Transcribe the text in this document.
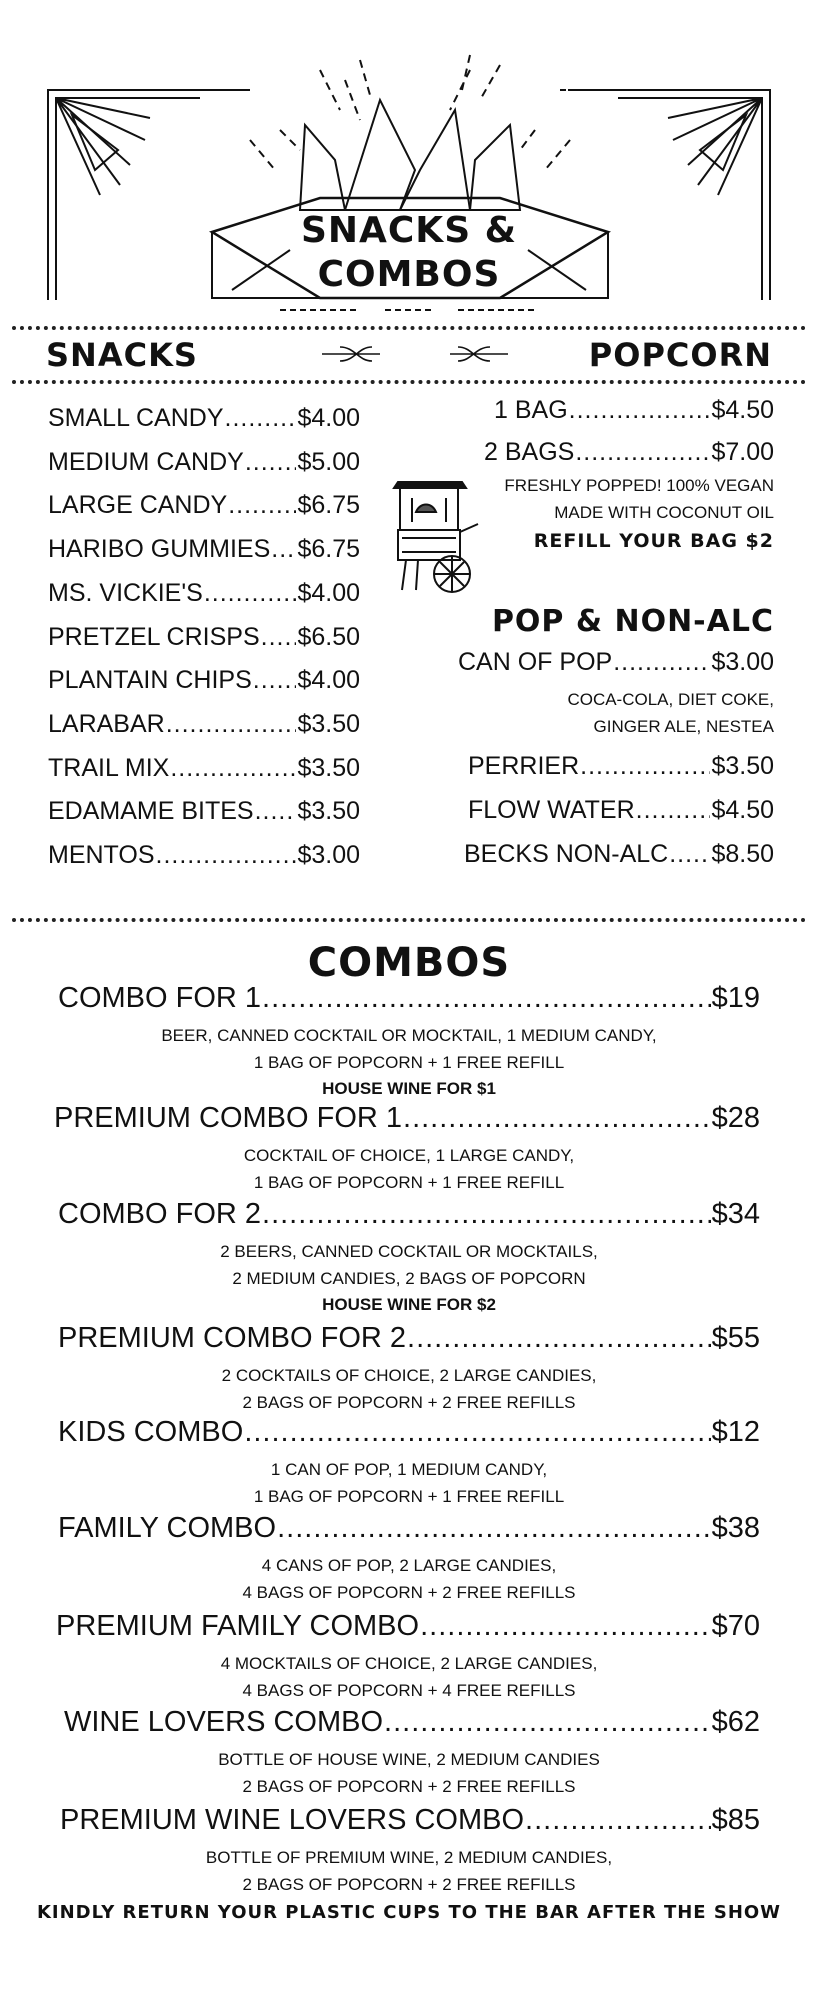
SNACKS &
COMBOS
SNACKS	POPCORN
SMALL CANDY .....	$4.00
MEDIUM CANDY ..... $5.00
LARGE CANDY .....	$6.75
HARIBO GUMMIES ..... $6.75
MS. VICKIE'S .....	$4.00
PRETZEL CRISPS ..... $6.50
PLANTAIN CHIPS ..... $4.00
LARABAR .....	$3.50
TRAIL MIX .....	$3.50
EDAMAME BITES ..... $3.50
MENTOS .....	$3.00
1 BAG .....	$4.50
2 BAGS .....	$7.00
FRESHLY POPPED! 100% VEGAN
MADE WITH COCONUT OIL
REFILL YOUR BAG $2
POP & NON-ALC
CAN OF POP .....	$3.00
COCA-COLA, DIET COKE,
GINGER ALE, NESTEA
PERRIER .....	$3.50
FLOW WATER .....	$4.50
BECKS NON-ALC ..... $8.50
COMBOS
COMBO FOR 1 .....	$19
BEER, CANNED COCKTAIL OR MOCKTAIL, 1 MEDIUM CANDY,
1 BAG OF POPCORN + 1 FREE REFILL
HOUSE WINE FOR $1
PREMIUM COMBO FOR 1 .....	$28
COCKTAIL OF CHOICE, 1 LARGE CANDY,
1 BAG OF POPCORN + 1 FREE REFILL
COMBO FOR 2 .....	$34
2 BEERS, CANNED COCKTAIL OR MOCKTAILS,
2 MEDIUM CANDIES, 2 BAGS OF POPCORN
HOUSE WINE FOR $2
PREMIUM COMBO FOR 2 .....	$55
2 COCKTAILS OF CHOICE, 2 LARGE CANDIES,
2 BAGS OF POPCORN + 2 FREE REFILLS
KIDS COMBO .....	$12
1 CAN OF POP, 1 MEDIUM CANDY,
1 BAG OF POPCORN + 1 FREE REFILL
FAMILY COMBO .....	$38
4 CANS OF POP, 2 LARGE CANDIES,
4 BAGS OF POPCORN + 2 FREE REFILLS
PREMIUM FAMILY COMBO .....	$70
4 MOCKTAILS OF CHOICE, 2 LARGE CANDIES,
4 BAGS OF POPCORN + 4 FREE REFILLS
WINE LOVERS COMBO .....	$62
BOTTLE OF HOUSE WINE, 2 MEDIUM CANDIES
2 BAGS OF POPCORN + 2 FREE REFILLS
PREMIUM WINE LOVERS COMBO .....	$85
BOTTLE OF PREMIUM WINE, 2 MEDIUM CANDIES,
2 BAGS OF POPCORN + 2 FREE REFILLS
KINDLY RETURN YOUR PLASTIC CUPS TO THE BAR AFTER THE SHOW
